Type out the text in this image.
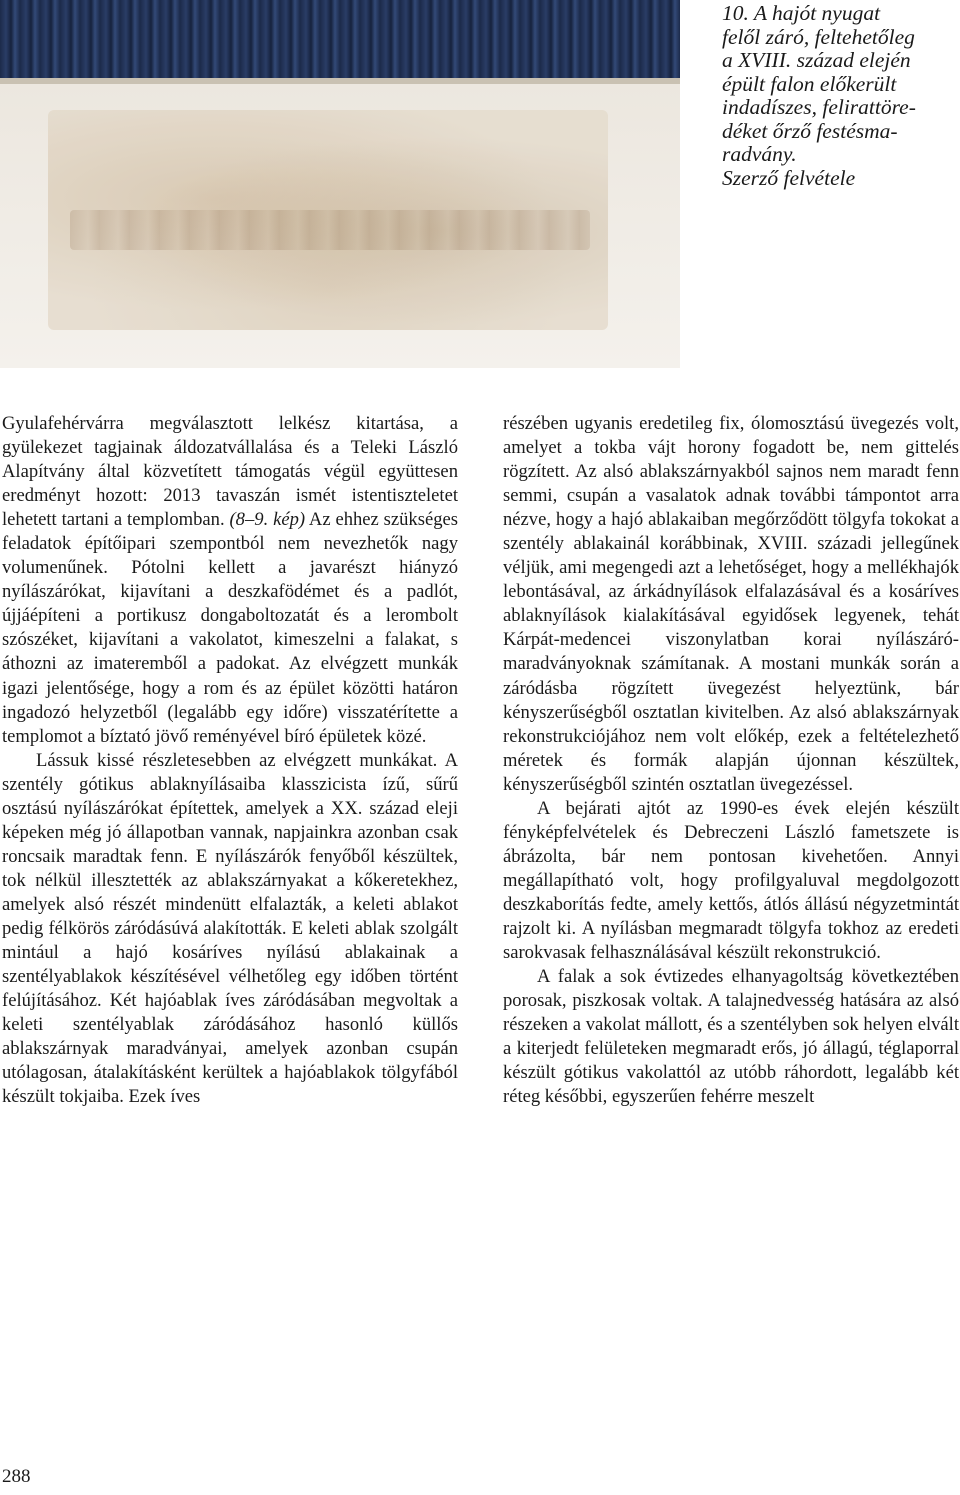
10. A hajót nyugat

felől záró, feltehetőleg

a XVIII. század elején

épült falon előkerült

indadíszes, felirattöre-

déket őrző festésma-

radvány.

Szerző felvétele

Gyulafehérvárra megválasztott lelkész kitartása, a gyülekezet tagjainak áldozatvállalása és a Teleki László Alapítvány által közvetített támogatás végül együttesen eredményt hozott: 2013 tavaszán ismét istentiszteletet lehetett tartani a templomban. (8–9. kép) Az ehhez szükséges feladatok építőipari szempontból nem nevezhetők nagy volumenűnek. Pótolni kellett a javarészt hiányzó nyílászárókat, kijavítani a deszkafödémet és a padlót, újjáépíteni a portikusz dongaboltozatát és a lerombolt szószéket, kijavítani a vakolatot, kimeszelni a falakat, s áthozni az imateremből a padokat. Az elvégzett munkák igazi jelentősége, hogy a rom és az épület közötti határon ingadozó helyzetből (legalább egy időre) visszatérítette a templomot a bíztató jövő reményével bíró épületek közé.

Lássuk kissé részletesebben az elvégzett munkákat. A szentély gótikus ablaknyílásaiba klasszicista ízű, sűrű osztású nyílászárókat építettek, amelyek a XX. század eleji képeken még jó állapotban vannak, napjainkra azonban csak roncsaik maradtak fenn. E nyílászárók fenyőből készültek, tok nélkül illesztették az ablakszárnyakat a kőkeretekhez, amelyek alsó részét mindenütt elfalazták, a keleti ablakot pedig félkörös záródásúvá alakították. E keleti ablak szolgált mintául a hajó kosáríves nyílású ablakainak a szentélyablakok készítésével vélhetőleg egy időben történt felújításához. Két hajóablak íves záródásában megvoltak a keleti szentélyablak záródásához hasonló küllős ablakszárnyak maradványai, amelyek azonban csupán utólagosan, átalakításként kerültek a hajóablakok tölgyfából készült tokjaiba. Ezek íves

részében ugyanis eredetileg fix, ólomosztású üvegezés volt, amelyet a tokba vájt horony fogadott be, nem gittelés rögzített. Az alsó ablakszárnyakból sajnos nem maradt fenn semmi, csupán a vasalatok adnak további támpontot arra nézve, hogy a hajó ablakaiban megőrződött tölgyfa tokokat a szentély ablakainál korábbinak, XVIII. századi jellegűnek véljük, ami megengedi azt a lehetőséget, hogy a mellékhajók lebontásával, az árkádnyílások elfalazásával és a kosáríves ablaknyílások kialakításával egyidősek legyenek, tehát Kárpát-medencei viszonylatban korai nyílászáró-maradványoknak számítanak. A mostani munkák során a záródásba rögzített üvegezést helyeztünk, bár kényszerűségből osztatlan kivitelben. Az alsó ablakszárnyak rekonstrukciójához nem volt előkép, ezek a feltételezhető méretek és formák alapján újonnan készültek, kényszerűségből szintén osztatlan üvegezéssel.

A bejárati ajtót az 1990-es évek elején készült fényképfelvételek és Debreczeni László fametszete is ábrázolta, bár nem pontosan kivehetően. Annyi megállapítható volt, hogy profilgyaluval megdolgozott deszkaborítás fedte, amely kettős, átlós állású négyzetmintát rajzolt ki. A nyílásban megmaradt tölgyfa tokhoz az eredeti sarokvasak felhasználásával készült rekonstrukció.

A falak a sok évtizedes elhanyagoltság következtében porosak, piszkosak voltak. A talajnedvesség hatására az alsó részeken a vakolat mállott, és a szentélyben sok helyen elvált a kiterjedt felületeken megmaradt erős, jó állagú, téglaporral készült gótikus vakolattól az utóbb ráhordott, legalább két réteg későbbi, egyszerűen fehérre meszelt

288
